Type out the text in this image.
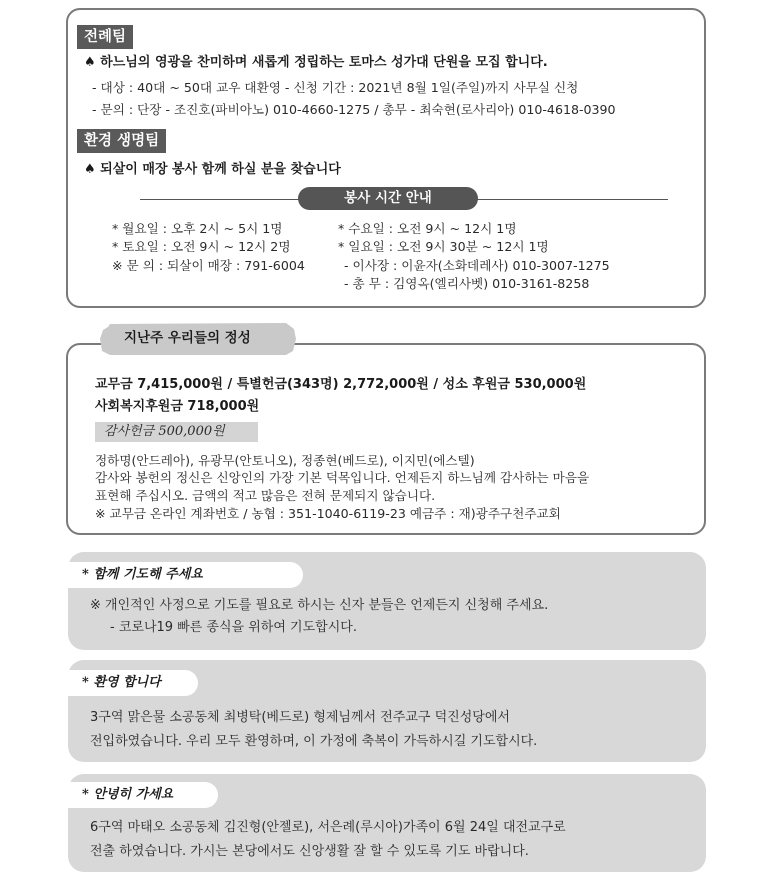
전례팀
♠ 하느님의 영광을 찬미하며 새롭게 정립하는 토마스 성가대 단원을 모집 합니다.
- 대상 : 40대 ~ 50대 교우 대환영 - 신청 기간 : 2021년 8월 1일(주일)까지 사무실 신청
- 문의 : 단장 - 조진호(파비아노) 010-4660-1275 / 총무 - 최숙현(로사리아) 010-4618-0390
환경 생명팀
♠ 되살이 매장 봉사 함께 하실 분을 찾습니다
봉사 시간 안내
* 월요일 : 오후 2시 ~ 5시 1명	* 수요일 : 오전 9시 ~ 12시 1명
* 토요일 : 오전 9시 ~ 12시 2명	* 일요일 : 오전 9시 30분 ~ 12시 1명
※ 문 의 : 되살이 매장 : 791-6004	- 이사장 : 이윤자(소화데레사) 010-3007-1275
- 총 무 : 김영옥(엘리사벳) 010-3161-8258
지난주 우리들의 정성
교무금 7,415,000원 / 특별헌금(343명) 2,772,000원 / 성소 후원금 530,000원
사회복지후원금 718,000원
감사헌금 500,000원
정하명(안드레아), 유광무(안토니오), 정종현(베드로), 이지민(에스텔)
감사와 봉헌의 정신은 신앙인의 가장 기본 덕목입니다. 언제든지 하느님께 감사하는 마음을
표현해 주십시오. 금액의 적고 많음은 전혀 문제되지 않습니다.
※ 교무금 온라인 계좌번호 / 농협 : 351-1040-6119-23 예금주 : 재)광주구천주교회
* 함께 기도해 주세요
※ 개인적인 사정으로 기도를 필요로 하시는 신자 분들은 언제든지 신청해 주세요.
- 코로나19 빠른 종식을 위하여 기도합시다.
* 환영 합니다
3구역 맑은물 소공동체 최병탁(베드로) 형제님께서 전주교구 덕진성당에서
전입하였습니다. 우리 모두 환영하며, 이 가정에 축복이 가득하시길 기도합시다.
* 안녕히 가세요
6구역 마태오 소공동체 김진형(안젤로), 서은례(루시아)가족이 6월 24일 대전교구로
전출 하였습니다. 가시는 본당에서도 신앙생활 잘 할 수 있도록 기도 바랍니다.
